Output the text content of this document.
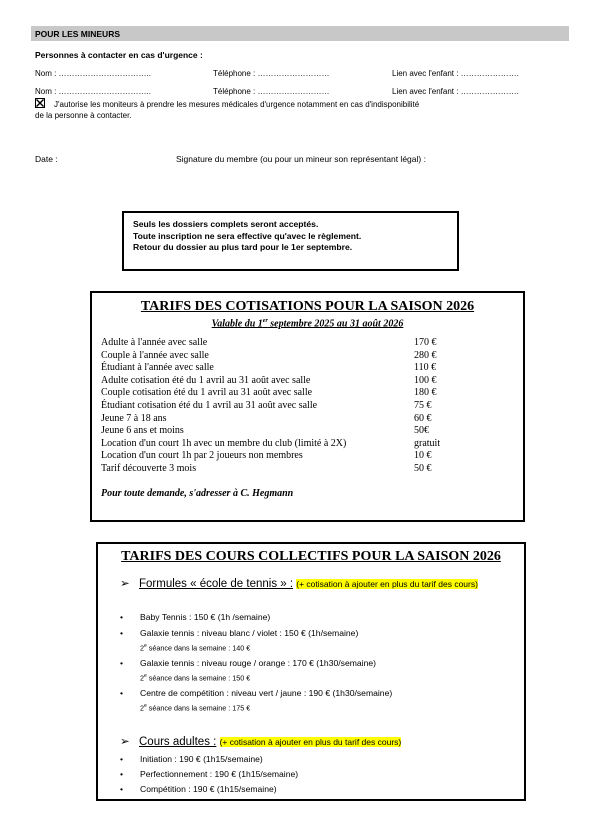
POUR LES MINEURS
Personnes à contacter en cas d'urgence :
Nom : ……………………………..	Téléphone : ………………………	Lien avec l'enfant : ………………….
Nom : ……………………………..	Téléphone : ………………………	Lien avec l'enfant : ………………….
J'autorise les moniteurs à prendre les mesures médicales d'urgence notamment en cas d'indisponibilité
de la personne à contacter.
Date :	Signature du membre (ou pour un mineur son représentant légal) :
Seuls les dossiers complets seront acceptés.
Toute inscription ne sera effective qu'avec le règlement.
Retour du dossier au plus tard pour le 1er septembre.
TARIFS DES COTISATIONS POUR LA SAISON 2026
Valable du 1er septembre 2025 au 31 août 2026
Adulte à l'année avec salle	170 €
Couple à l'année avec salle	280 €
Étudiant à l'année avec salle	110 €
Adulte cotisation été du 1 avril au 31 août avec salle	100 €
Couple cotisation été du 1 avril au 31 août avec salle	180 €
Étudiant cotisation été du 1 avril au 31 août avec salle	75 €
Jeune 7 à 18 ans	60 €
Jeune 6 ans et moins	50€
Location d'un court 1h avec un membre du club (limité à 2X)	gratuit
Location d'un court 1h par 2 joueurs non membres	10 €
Tarif découverte 3 mois	50 €
Pour toute demande, s'adresser à C. Hegmann
TARIFS DES COURS COLLECTIFS POUR LA SAISON 2026
➢ Formules « école de tennis » : (+ cotisation à ajouter en plus du tarif des cours)
• Baby Tennis : 150 € (1h /semaine)
• Galaxie tennis : niveau blanc / violet : 150 € (1h/semaine)
2e séance dans la semaine : 140 €
• Galaxie tennis : niveau rouge / orange : 170 € (1h30/semaine)
2e séance dans la semaine : 150 €
• Centre de compétition : niveau vert / jaune : 190 € (1h30/semaine)
2e séance dans la semaine : 175 €
➢ Cours adultes : (+ cotisation à ajouter en plus du tarif des cours)
• Initiation : 190 € (1h15/semaine)
• Perfectionnement : 190 € (1h15/semaine)
• Compétition : 190 € (1h15/semaine)
